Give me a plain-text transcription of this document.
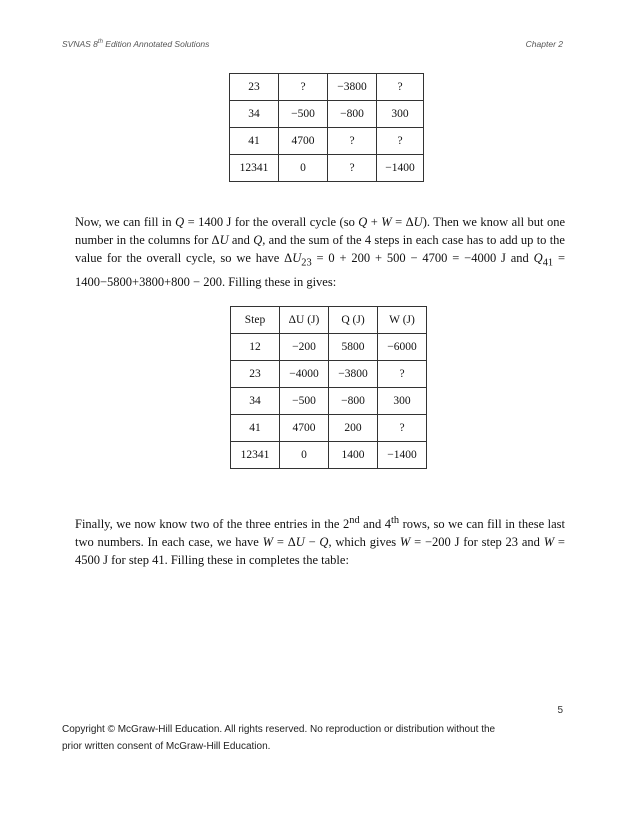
SVNAS 8th Edition Annotated Solutions	Chapter 2
23	?	−3800	?
34	−500	−800	300
41	4700	?	?
12341	0	?	−1400
Now, we can fill in Q = 1400 J for the overall cycle (so Q + W = ΔU). Then we know all but one number in the columns for ΔU and Q, and the sum of the 4 steps in each case has to add up to the value for the overall cycle, so we have $\Delta U_{23} = 0 + 200 + 500 - 4700 = -4000$ J and $Q_{41} = 1400-5800+3800+800 - 200$. Filling these in gives:
Step	ΔU (J)	Q (J)	W (J)
12	−200	5800	−6000
23	−4000	−3800	?
34	−500	−800	300
41	4700	200	?
12341	0	1400	−1400
Finally, we now know two of the three entries in the 2nd and 4th rows, so we can fill in these last two numbers. In each case, we have W = ΔU − Q, which gives W = −200 J for step 23 and W = 4500 J for step 41. Filling these in completes the table:
5
Copyright © McGraw-Hill Education. All rights reserved. No reproduction or distribution without the
prior written consent of McGraw-Hill Education.
